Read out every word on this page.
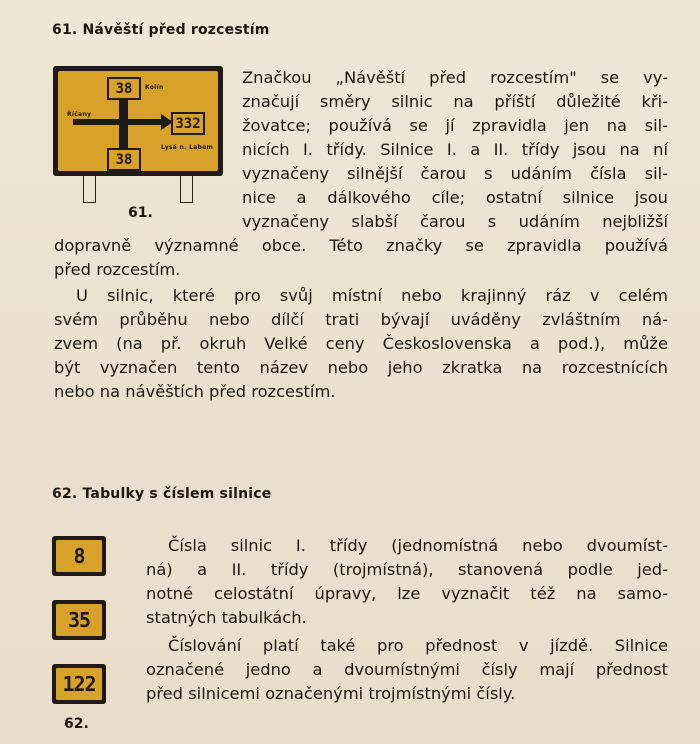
61. Návěští před rozcestím
38
332
38
Kolín
Říčany
Lysá n. Labem
61.

Značkou „Návěští před rozcestím" se vy-

značují směry silnic na příští důležité kři-

žovatce; používá se jí zpravidla jen na sil-

nicích I. třídy. Silnice I. a II. třídy jsou na ní

vyznačeny silnější čarou s udáním čísla sil-

nice a dálkového cíle; ostatní silnice jsou

vyznačeny slabší čarou s udáním nejbližší

dopravně významné obce. Této značky se zpravidla používá

před rozcestím.

U silnic, které pro svůj místní nebo krajinný ráz v celém

svém průběhu nebo dílčí trati bývají uváděny zvláštním ná-

zvem (na př. okruh Velké ceny Československa a pod.), může

být vyznačen tento název nebo jeho zkratka na rozcestnících

nebo na návěštích před rozcestím.

62. Tabulky s číslem silnice
8
35
122
62.

Čísla silnic I. třídy (jednomístná nebo dvoumíst-

ná) a II. třídy (trojmístná), stanovená podle jed-

notné celostátní úpravy, lze vyznačit též na samo-

statných tabulkách.

Číslování platí také pro přednost v jízdě. Silnice

označené jedno a dvoumístnými čísly mají přednost

před silnicemi označenými trojmístnými čísly.
